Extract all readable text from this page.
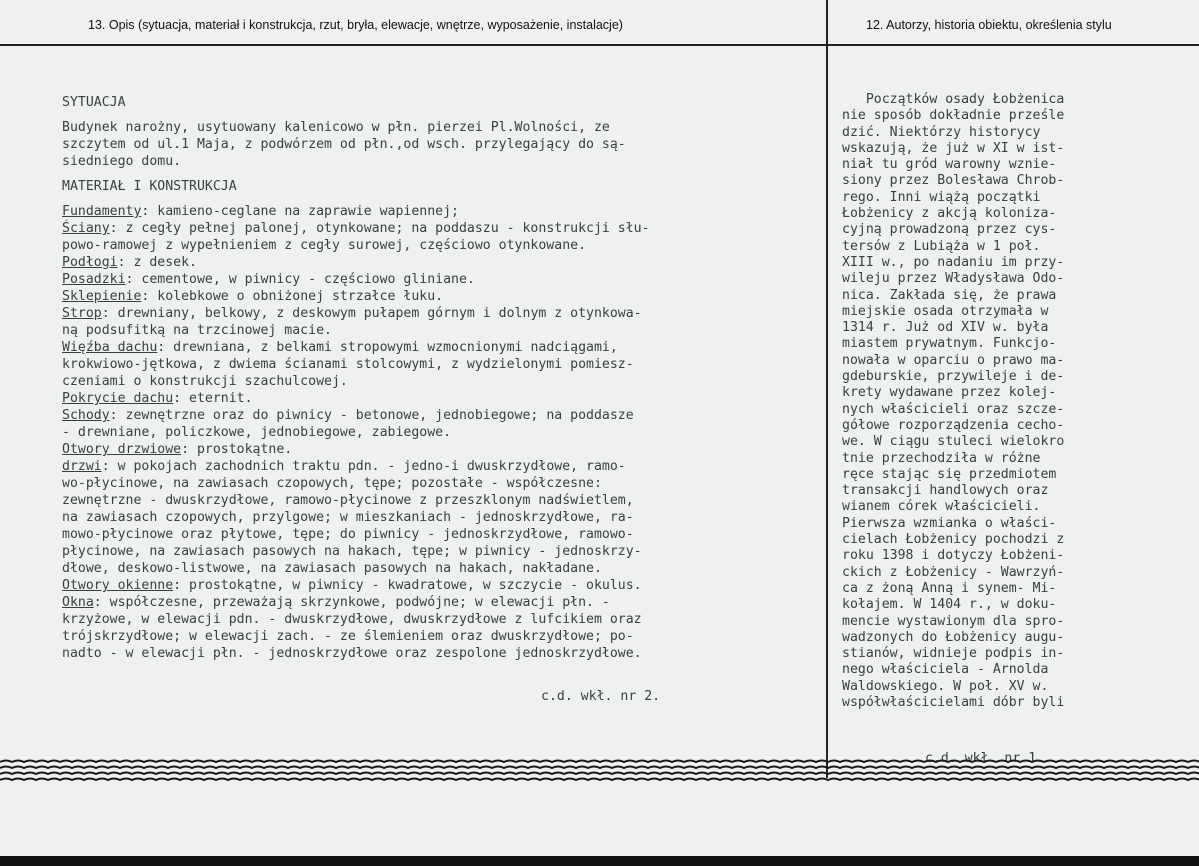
13. Opis (sytuacja, materiał i konstrukcja, rzut, bryła, elewacje, wnętrze, wyposażenie, instalacje)	12. Autorzy, historia obiektu, określenia stylu

SYTUACJA

Budynek narożny, usytuowany kalenicowo w płn. pierzei Pl.Wolności, ze

szczytem od ul.1 Maja, z podwórzem od płn.,od wsch. przylegający do są-

siedniego domu.

MATERIAŁ I KONSTRUKCJA

Fundamenty: kamieno-ceglane na zaprawie wapiennej;

Ściany: z cegły pełnej palonej, otynkowane; na poddaszu - konstrukcji słu-

powo-ramowej z wypełnieniem z cegły surowej, częściowo otynkowane.

Podłogi: z desek.

Posadzki: cementowe, w piwnicy - częściowo gliniane.

Sklepienie: kolebkowe o obniżonej strzałce łuku.

Strop: drewniany, belkowy, z deskowym pułapem górnym i dolnym z otynkowa-

ną podsufitką na trzcinowej macie.

Więźba dachu: drewniana, z belkami stropowymi wzmocnionymi nadciągami,

krokwiowo-jętkowa, z dwiema ścianami stolcowymi, z wydzielonymi pomiesz-

czeniami o konstrukcji szachulcowej.

Pokrycie dachu: eternit.

Schody: zewnętrzne oraz do piwnicy - betonowe, jednobiegowe; na poddasze

- drewniane, policzkowe, jednobiegowe, zabiegowe.

Otwory drzwiowe: prostokątne.

drzwi: w pokojach zachodnich traktu pdn. - jedno-i dwuskrzydłowe, ramo-

wo-płycinowe, na zawiasach czopowych, tępe; pozostałe - współczesne:

zewnętrzne - dwuskrzydłowe, ramowo-płycinowe z przeszklonym nadświetlem,

na zawiasach czopowych, przylgowe; w mieszkaniach - jednoskrzydłowe, ra-

mowo-płycinowe oraz płytowe, tępe; do piwnicy - jednoskrzydłowe, ramowo-

płycinowe, na zawiasach pasowych na hakach, tępe; w piwnicy - jednoskrzy-

dłowe, deskowo-listwowe, na zawiasach pasowych na hakach, nakładane.

Otwory okienne: prostokątne, w piwnicy - kwadratowe, w szczycie - okulus.

Okna: współczesne, przeważają skrzynkowe, podwójne; w elewacji płn. -

krzyżowe, w elewacji pdn. - dwuskrzydłowe, dwuskrzydłowe z lufcikiem oraz

trójskrzydłowe; w elewacji zach. - ze ślemieniem oraz dwuskrzydłowe; po-

nadto - w elewacji płn. - jednoskrzydłowe oraz zespolone jednoskrzydłowe.

c.d. wkł. nr 2.

Początków osady Łobżenica

nie sposób dokładnie prześle

dzić. Niektórzy historycy

wskazują, że już w XI w ist-

niał tu gród warowny wznie-

siony przez Bolesława Chrob-

rego. Inni wiążą początki

Łobżenicy z akcją koloniza-

cyjną prowadzoną przez cys-

tersów z Lubiąża w 1 poł.

XIII w., po nadaniu im przy-

wileju przez Władysława Odo-

nica. Zakłada się, że prawa

miejskie osada otrzymała w

1314 r. Już od XIV w. była

miastem prywatnym. Funkcjo-

nowała w oparciu o prawo ma-

gdeburskie, przywileje i de-

krety wydawane przez kolej-

nych właścicieli oraz szcze-

gółowe rozporządzenia cecho-

we. W ciągu stuleci wielokro

tnie przechodziła w różne

ręce stając się przedmiotem

transakcji handlowych oraz

wianem córek właścicieli.

Pierwsza wzmianka o właści-

cielach Łobżenicy pochodzi z

roku 1398 i dotyczy Łobżeni-

ckich z Łobżenicy - Wawrzyń-

ca z żoną Anną i synem- Mi-

kołajem. W 1404 r., w doku-

mencie wystawionym dla spro-

wadzonych do Łobżenicy augu-

stianów, widnieje podpis in-

nego właściciela - Arnolda

Waldowskiego. W poł. XV w.

współwłaścicielami dóbr byli

c.d. wkł. nr 1.
